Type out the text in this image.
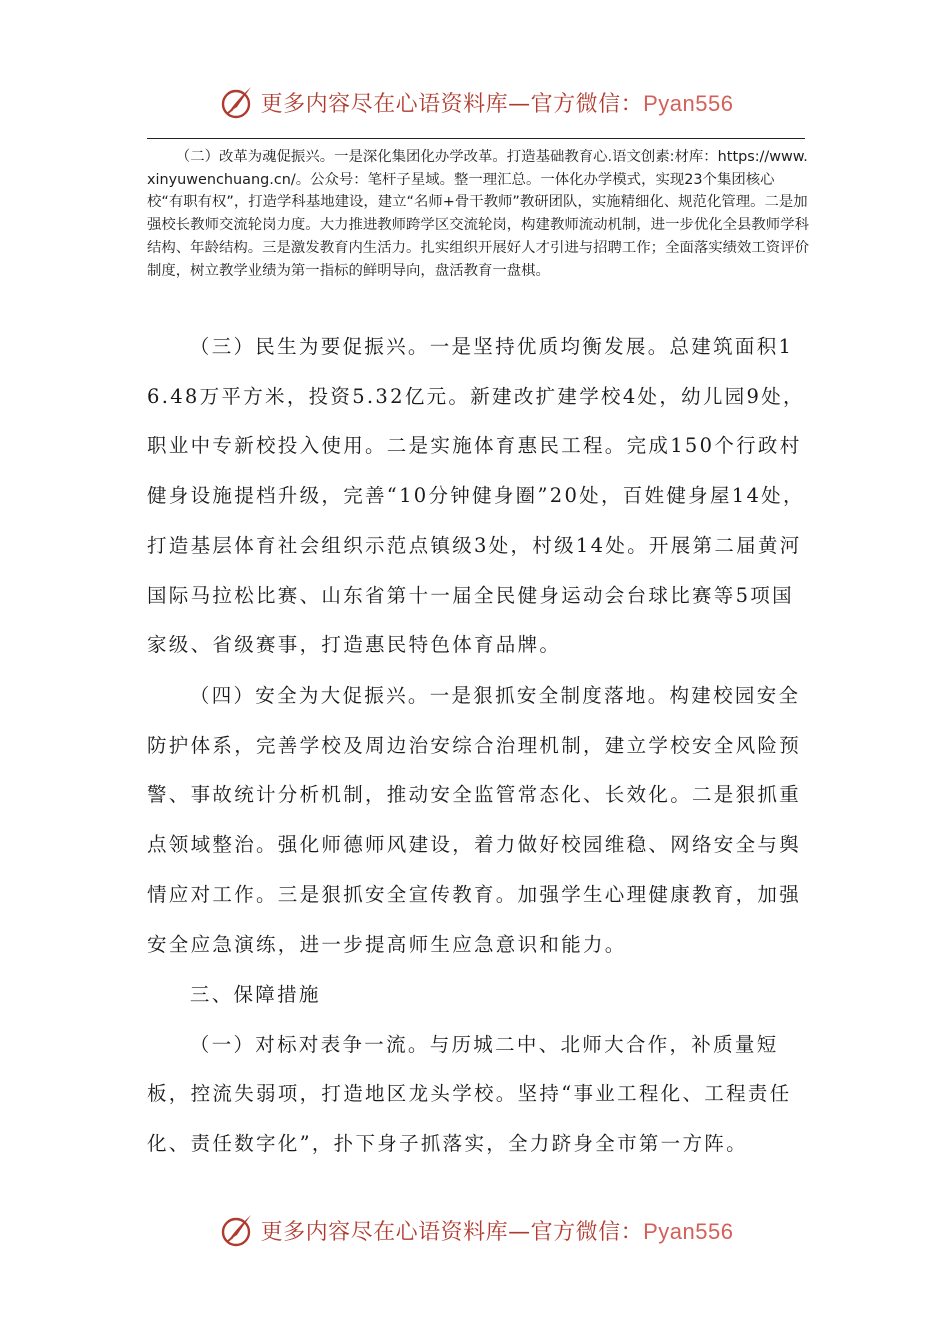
更多内容尽在心语资料库—官方微信：Pyan556

（二）改革为魂促振兴。一是深化集团化办学改革。打造基础教育心.语文创素:材库：https://www.xinyuwenchuang.cn/。公众号：笔杆子星域。整一理汇总。一体化办学模式，实现23个集团核心校“有职有权”，打造学科基地建设，建立“名师+骨干教师”教研团队，实施精细化、规范化管理。二是加强校长教师交流轮岗力度。大力推进教师跨学区交流轮岗，构建教师流动机制，进一步优化全县教师学科结构、年龄结构。三是激发教育内生活力。扎实组织开展好人才引进与招聘工作；全面落实绩效工资评价制度，树立教学业绩为第一指标的鲜明导向，盘活教育一盘棋。

（三）民生为要促振兴。一是坚持优质均衡发展。总建筑面积16.48万平方米，投资5.32亿元。新建改扩建学校4处，幼儿园9处，职业中专新校投入使用。二是实施体育惠民工程。完成150个行政村健身设施提档升级，完善“10分钟健身圈”20处，百姓健身屋14处，打造基层体育社会组织示范点镇级3处，村级14处。开展第二届黄河国际马拉松比赛、山东省第十一届全民健身运动会台球比赛等5项国家级、省级赛事，打造惠民特色体育品牌。

（四）安全为大促振兴。一是狠抓安全制度落地。构建校园安全防护体系，完善学校及周边治安综合治理机制，建立学校安全风险预警、事故统计分析机制，推动安全监管常态化、长效化。二是狠抓重点领域整治。强化师德师风建设，着力做好校园维稳、网络安全与舆情应对工作。三是狠抓安全宣传教育。加强学生心理健康教育，加强安全应急演练，进一步提高师生应急意识和能力。

三、保障措施

（一）对标对表争一流。与历城二中、北师大合作，补质量短板，控流失弱项，打造地区龙头学校。坚持“事业工程化、工程责任化、责任数字化”，扑下身子抓落实，全力跻身全市第一方阵。

更多内容尽在心语资料库—官方微信：Pyan556
